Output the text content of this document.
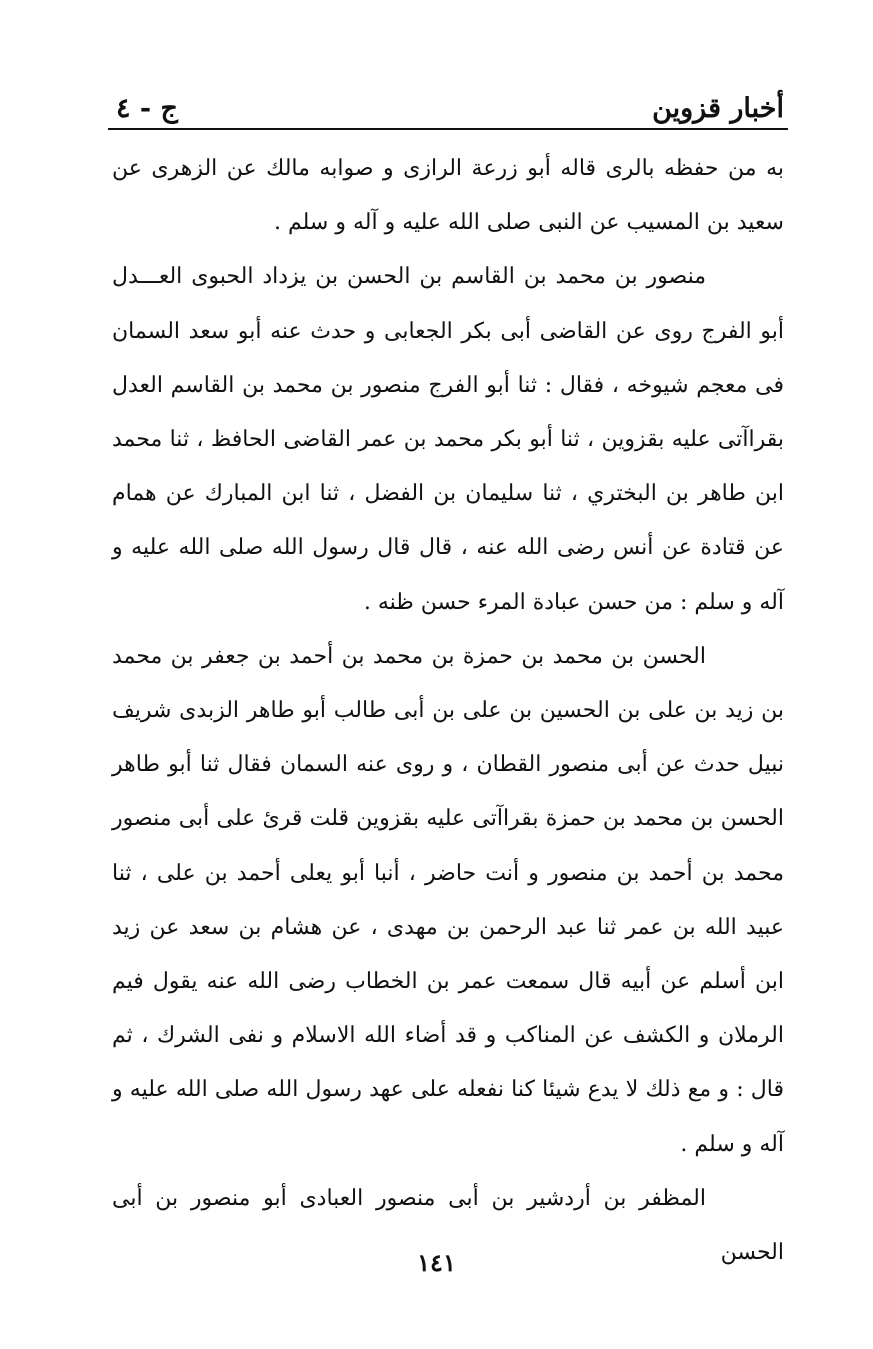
أخبار قزوين
ج - ٤

به من حفظه بالرى قاله أبو زرعة الرازى و صوابه مالك عن الزهرى عن سعيد بن المسيب عن النبى صلى الله عليه و آله و سلم .

منصور بن محمد بن القاسم بن الحسن بن يزداد الحبوى العـــدل أبو الفرج روى عن القاضى أبى بكر الجعابى و حدث عنه أبو سعد السمان فى معجم شيوخه ، فقال : ثنا أبو الفرج منصور بن محمد بن القاسم العدل بقراآتى عليه بقزوين ، ثنا أبو بكر محمد بن عمر القاضى الحافظ ، ثنا محمد ابن طاهر بن البختري ، ثنا سليمان بن الفضل ، ثنا ابن المبارك عن همام عن قتادة عن أنس رضى الله عنه ، قال قال رسول الله صلى الله عليه و آله و سلم : من حسن عبادة المرء حسن ظنه .

الحسن بن محمد بن حمزة بن محمد بن أحمد بن جعفر بن محمد بن زيد بن على بن الحسين بن على بن أبى طالب أبو طاهر الزبدى شريف نبيل حدث عن أبى منصور القطان ، و روى عنه السمان فقال ثنا أبو طاهر الحسن بن محمد بن حمزة بقراآتى عليه بقزوين قلت قرئ على أبى منصور محمد بن أحمد بن منصور و أنت حاضر ، أنبا أبو يعلى أحمد بن على ، ثنا عبيد الله بن عمر ثنا عبد الرحمن بن مهدى ، عن هشام بن سعد عن زيد ابن أسلم عن أبيه قال سمعت عمر بن الخطاب رضى الله عنه يقول فيم الرملان و الكشف عن المناكب و قد أضاء الله الاسلام و نفى الشرك ، ثم قال : و مع ذلك لا يدع شيئا كنا نفعله على عهد رسول الله صلى الله عليه و آله و سلم .

المظفر بن أردشير بن أبى منصور العبادى أبو منصور بن أبى الحسن

١٤١
